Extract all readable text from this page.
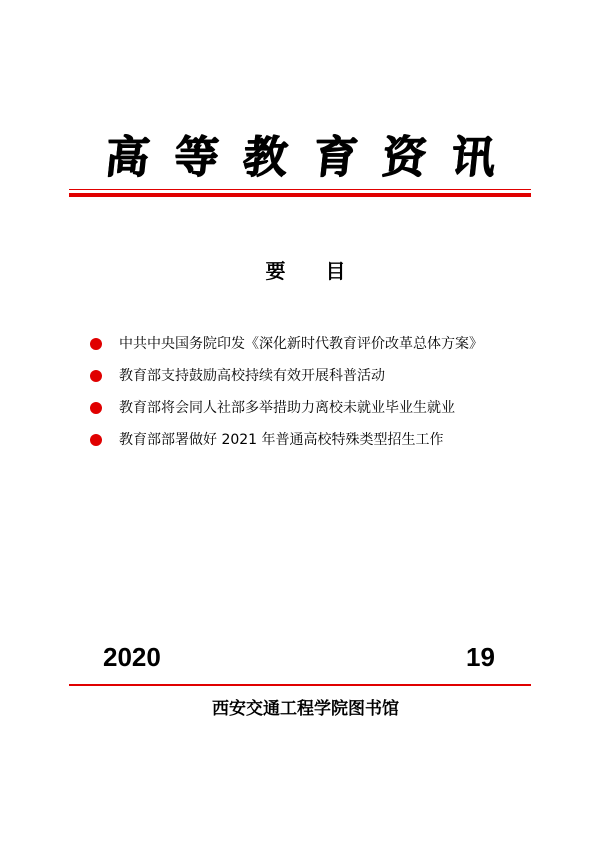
高 等 教 育 资 讯
要 目
中共中央国务院印发《深化新时代教育评价改革总体方案》
教育部支持鼓励高校持续有效开展科普活动
教育部将会同人社部多举措助力离校未就业毕业生就业
教育部部署做好 2021 年普通高校特殊类型招生工作
2020	19
西安交通工程学院图书馆
